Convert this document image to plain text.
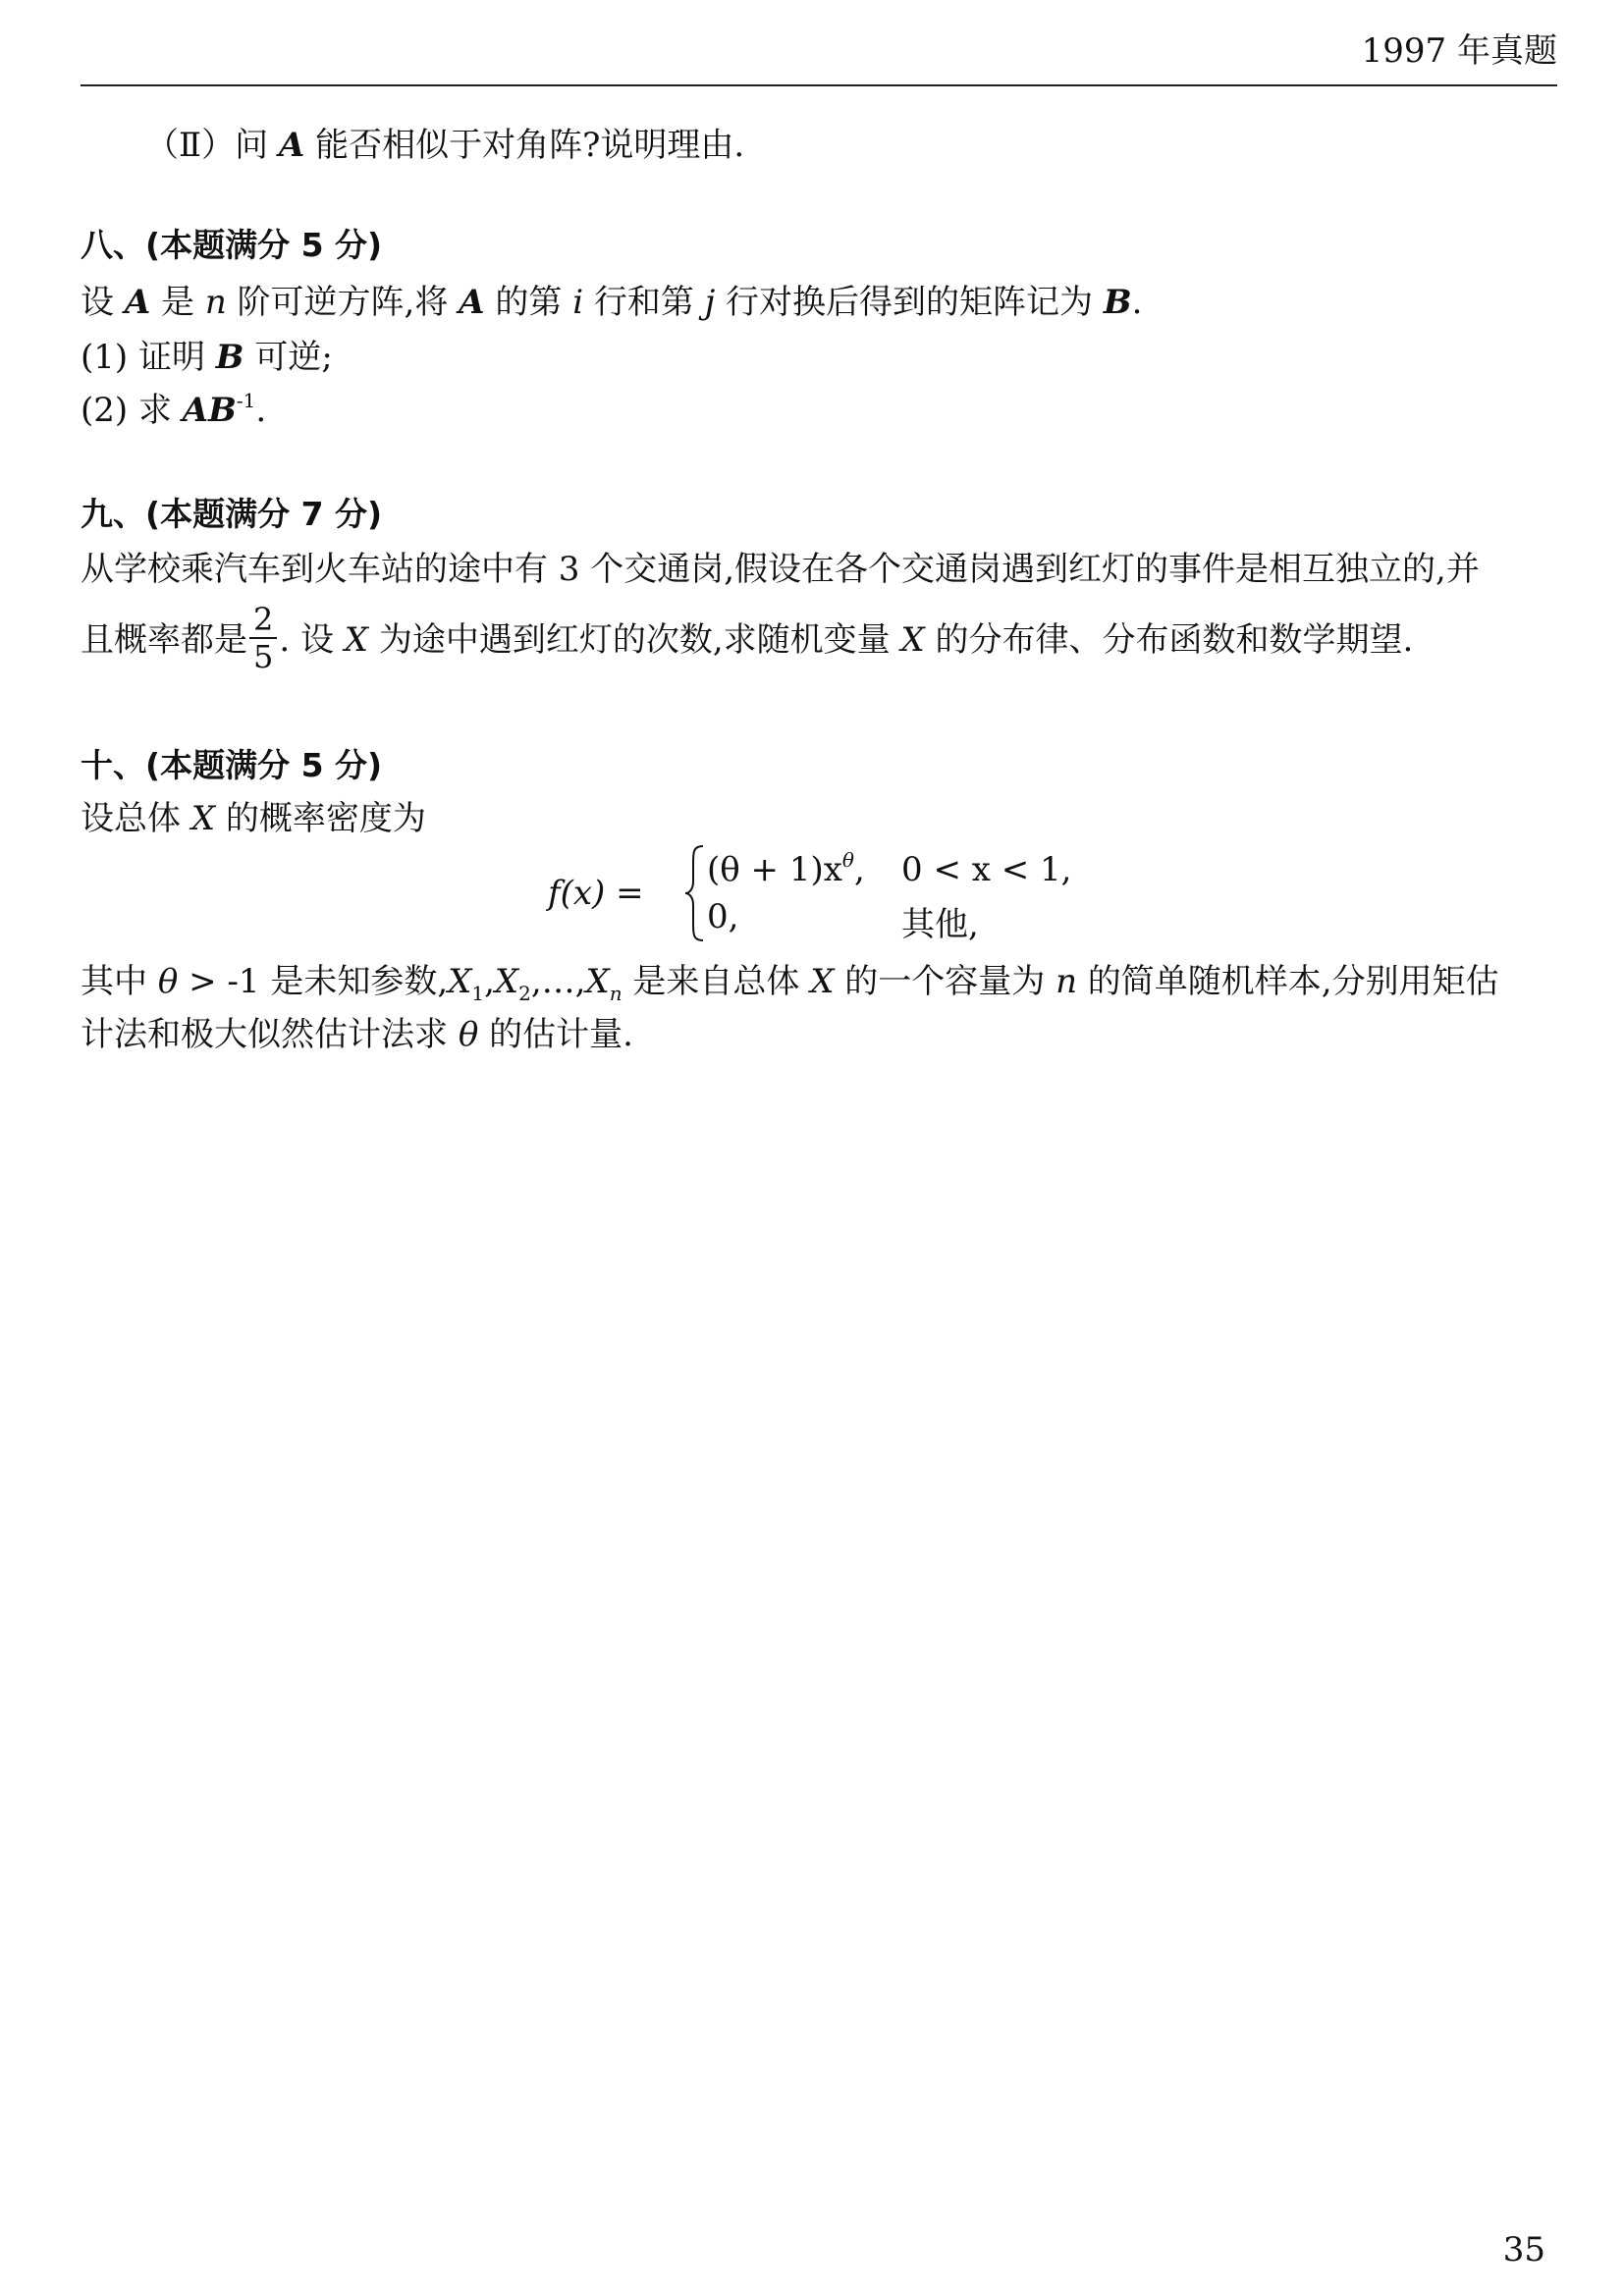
1997 年真题
（Ⅱ）问 A 能否相似于对角阵?说明理由.
八、(本题满分 5 分)
设 A 是 n 阶可逆方阵,将 A 的第 i 行和第 j 行对换后得到的矩阵记为 B.
(1) 证明 B 可逆;
(2) 求 $AB^{-1}$.
九、(本题满分 7 分)
从学校乘汽车到火车站的途中有 3 个交通岗,假设在各个交通岗遇到红灯的事件是相互独立的,并
且概率都是 $\frac{2}{5}$ . 设 X 为途中遇到红灯的次数,求随机变量 X 的分布律、分布函数和数学期望.
十、(本题满分 5 分)
设总体 X 的概率密度为
f(x) =
$(\theta + 1)x^\theta$, 0 < x < 1,
0,	其他,
其中 θ > -1 是未知参数$,X_1,X_2,\dots,X_n$ 是来自总体 X 的一个容量为 n 的简单随机样本,分别用矩估
计法和极大似然估计法求 θ 的估计量.
35
